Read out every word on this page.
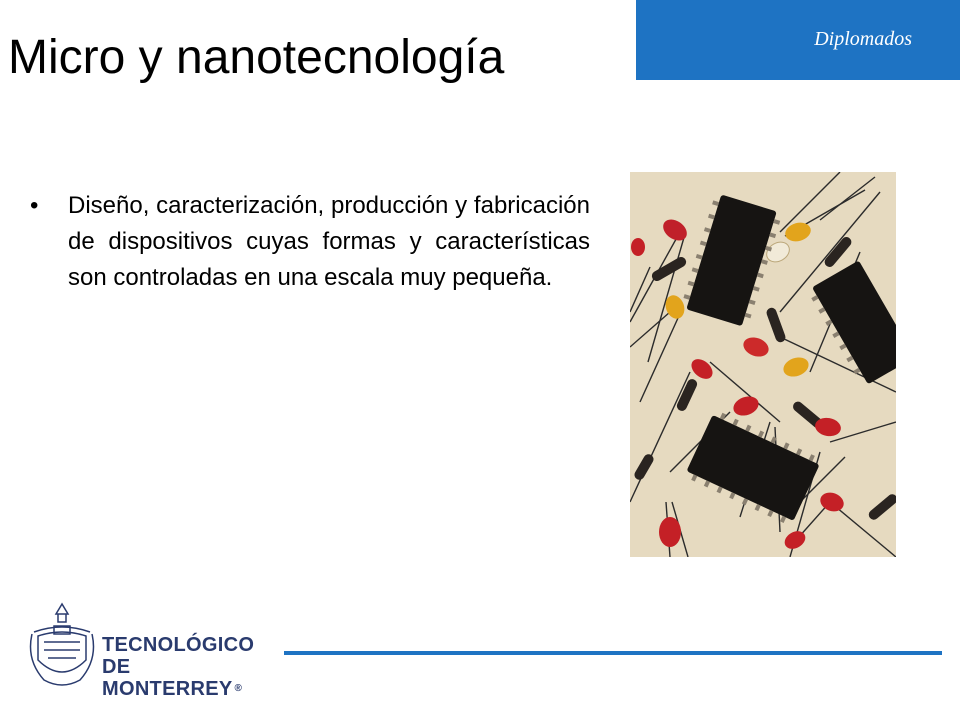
Micro y nanotecnología	Diplomados
• Diseño, caracterización, producción y fabricación de dispositivos cuyas formas y características son controladas en una escala muy pequeña.
TECNOLÓGICO
DE MONTERREY ®
